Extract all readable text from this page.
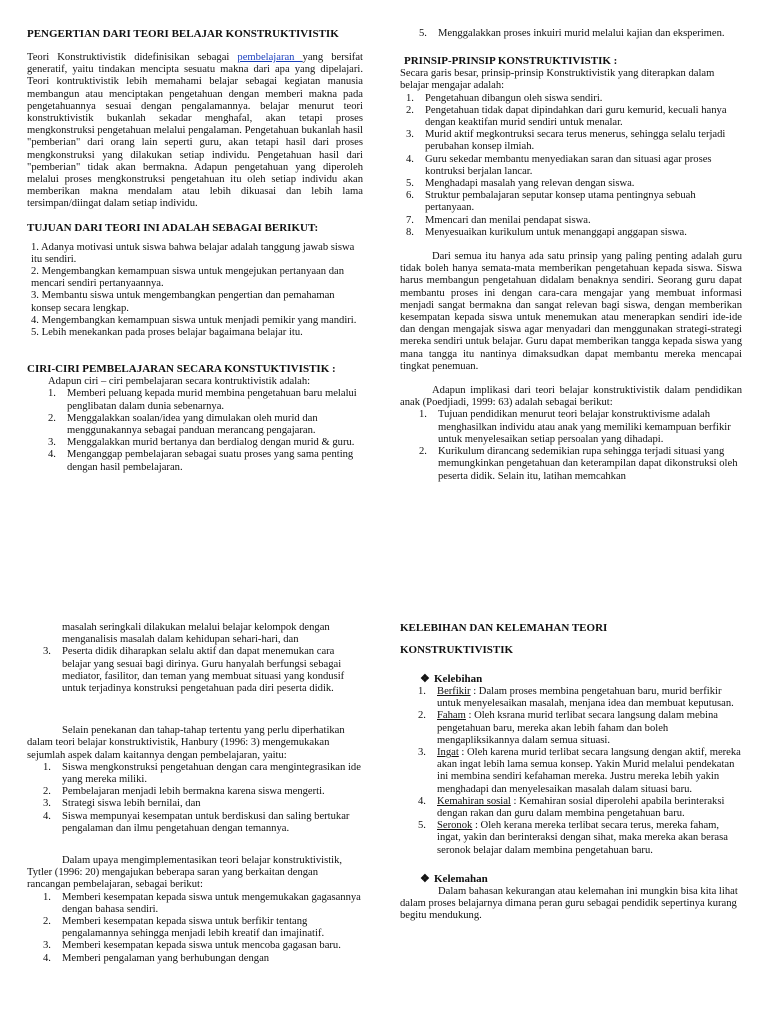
PENGERTIAN DARI TEORI BELAJAR KONSTRUKTIVISTIK

Teori Konstruktivistik didefinisikan sebagai pembelajaran yang bersifat generatif, yaitu tindakan mencipta sesuatu makna dari apa yang dipelajari. Teori kontruktivistik lebih memahami belajar sebagai kegiatan manusia membangun atau menciptakan pengetahuan dengan memberi makna pada pengetahuannya sesuai dengan pengalamannya. belajar menurut teori konstruktivistik bukanlah sekadar menghafal, akan tetapi proses mengkonstruksi pengetahuan melalui pengalaman. Pengetahuan bukanlah hasil "pemberian" dari orang lain seperti guru, akan tetapi hasil dari proses mengkonstruksi yang dilakukan setiap individu. Pengetahuan hasil dari "pemberian" tidak akan bermakna. Adapun pengetahuan yang diperoleh melalui proses mengkonstruksi pengetahuan itu oleh setiap individu akan memberikan makna mendalam atau lebih dikuasai dan lebih lama tersimpan/diingat dalam setiap individu.

TUJUAN DARI TEORI INI ADALAH SEBAGAI BERIKUT:

1. Adanya motivasi untuk siswa bahwa belajar adalah tanggung jawab siswa itu sendiri.

2. Mengembangkan kemampuan siswa untuk mengejukan pertanyaan dan mencari sendiri pertanyaannya.

3. Membantu siswa untuk mengembangkan pengertian dan pemahaman konsep secara lengkap.

4. Mengembangkan kemampuan siswa untuk menjadi pemikir yang mandiri.

5. Lebih menekankan pada proses belajar bagaimana belajar itu.

CIRI-CIRI PEMBELAJARAN SECARA KONSTUKTIVISTIK :

Adapun ciri – ciri pembelajaran secara kontruktivistik adalah:

1.	Memberi peluang kepada murid membina pengetahuan baru melalui penglibatan dalam dunia sebenarnya.
2.	Menggalakkan soalan/idea yang dimulakan oleh murid dan menggunakannya sebagai panduan merancang pengajaran.
3.	Menggalakkan murid bertanya dan berdialog dengan murid & guru.
4.	Menganggap pembelajaran sebagai suatu proses yang sama penting dengan hasil pembelajaran.
5.	Menggalakkan proses inkuiri murid melalui kajian dan eksperimen.

PRINSIP-PRINSIP KONSTRUKTIVISTIK :

Secara garis besar, prinsip-prinsip Konstruktivistik yang diterapkan dalam belajar mengajar adalah:

1.	Pengetahuan dibangun oleh siswa sendiri.
2.	Pengetahuan tidak dapat dipindahkan dari guru kemurid, kecuali hanya dengan keaktifan murid sendiri untuk menalar.
3.	Murid aktif megkontruksi secara terus menerus, sehingga selalu terjadi perubahan konsep ilmiah.
4.	Guru sekedar membantu menyediakan saran dan situasi agar proses kontruksi berjalan lancar.
5.	Menghadapi masalah yang relevan dengan siswa.
6.	Struktur pembalajaran seputar konsep utama pentingnya sebuah pertanyaan.
7.	Mmencari dan menilai pendapat siswa.
8.	Menyesuaikan kurikulum untuk menanggapi anggapan siswa.

Dari semua itu hanya ada satu prinsip yang paling penting adalah guru tidak boleh hanya semata-mata memberikan pengetahuan kepada siswa. Siswa harus membangun pengetahuan didalam benaknya sendiri. Seorang guru dapat membantu proses ini dengan cara-cara mengajar yang membuat informasi menjadi sangat bermakna dan sangat relevan bagi siswa, dengan memberikan kesempatan kepada siswa untuk menemukan atau menerapkan sendiri ide-ide dan dengan mengajak siswa agar menyadari dan menggunakan strategi-strategi mereka sendiri untuk belajar. Guru dapat memberikan tangga kepada siswa yang mana tangga itu nantinya dimaksudkan dapat membantu mereka mencapai tingkat penemuan.

Adapun implikasi dari teori belajar konstruktivistik dalam pendidikan anak (Poedjiadi, 1999: 63) adalah sebagai berikut:

1.	Tujuan pendidikan menurut teori belajar konstruktivisme adalah menghasilkan individu atau anak yang memiliki kemampuan berfikir untuk menyelesaikan setiap persoalan yang dihadapi.
2.	Kurikulum dirancang sedemikian rupa sehingga terjadi situasi yang memungkinkan pengetahuan dan keterampilan dapat dikonstruksi oleh peserta didik. Selain itu, latihan memcahkan

masalah seringkali dilakukan melalui belajar kelompok dengan menganalisis masalah dalam kehidupan sehari-hari, dan

3.	Peserta didik diharapkan selalu aktif dan dapat menemukan cara belajar yang sesuai bagi dirinya. Guru hanyalah berfungsi sebagai mediator, fasilitor, dan teman yang membuat situasi yang kondusif untuk terjadinya konstruksi pengetahuan pada diri peserta didik.

Selain penekanan dan tahap-tahap tertentu yang perlu diperhatikan dalam teori belajar konstruktivistik, Hanbury (1996: 3) mengemukakan sejumlah aspek dalam kaitannya dengan pembelajaran, yaitu:

1.	Siswa mengkonstruksi pengetahuan dengan cara mengintegrasikan ide yang mereka miliki.
2.	Pembelajaran menjadi lebih bermakna karena siswa mengerti.
3.	Strategi siswa lebih bernilai, dan
4.	Siswa mempunyai kesempatan untuk berdiskusi dan saling bertukar pengalaman dan ilmu pengetahuan dengan temannya.

Dalam upaya mengimplementasikan teori belajar konstruktivistik, Tytler (1996: 20) mengajukan beberapa saran yang berkaitan dengan rancangan pembelajaran, sebagai berikut:

1.	Memberi kesempatan kepada siswa untuk mengemukakan gagasannya dengan bahasa sendiri.
2.	Memberi kesempatan kepada siswa untuk berfikir tentang pengalamannya sehingga menjadi lebih kreatif dan imajinatif.
3.	Memberi kesempatan kepada siswa untuk mencoba gagasan baru.
4.	Memberi pengalaman yang berhubungan dengan

KELEBIHAN DAN KELEMAHAN TEORI

KONSTRUKTIVISTIK

❖ Kelebihan

1.	Berfikir : Dalam proses membina pengetahuan baru, murid berfikir untuk menyelesaikan masalah, menjana idea dan membuat keputusan.
2.	Faham : Oleh ksrana murid terlibat secara langsung dalam mebina pengetahuan baru, mereka akan lebih faham dan boleh mengapliksikannya dalam semua situasi.
3.	Ingat : Oleh karena murid terlibat secara langsung dengan aktif, mereka akan ingat lebih lama semua konsep. Yakin Murid melalui pendekatan ini membina sendiri kefahaman mereka. Justru mereka lebih yakin menghadapi dan menyelesaikan masalah dalam situasi baru.
4.	Kemahiran sosial : Kemahiran sosial diperolehi apabila berinteraksi dengan rakan dan guru dalam membina pengetahuan baru.
5.	Seronok : Oleh kerana mereka terlibat secara terus, mereka faham, ingat, yakin dan berinteraksi dengan sihat, maka mereka akan berasa seronok belajar dalam membina pengetahuan baru.

❖ Kelemahan

Dalam bahasan kekurangan atau kelemahan ini mungkin bisa kita lihat dalam proses belajarnya dimana peran guru sebagai pendidik sepertinya kurang begitu mendukung.
